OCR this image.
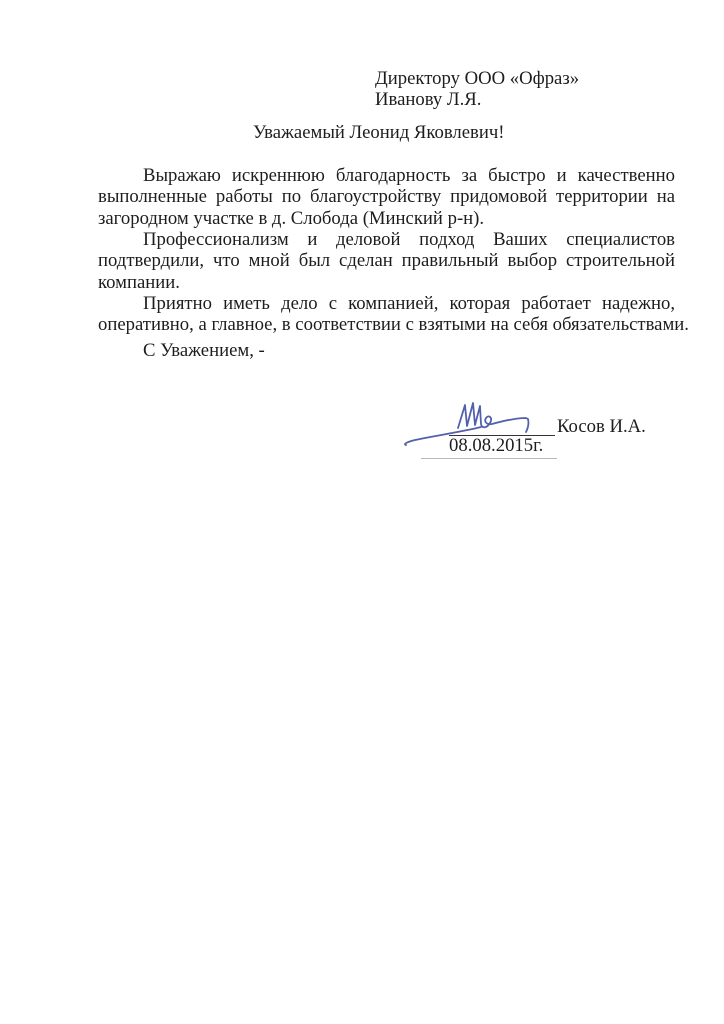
Директору ООО «Офраз»
Иванову Л.Я.
Уважаемый Леонид Яковлевич!
Выражаю искреннюю благодарность за быстро и качественно
выполненные работы по благоустройству придомовой территории на
загородном участке в д. Слобода (Минский р-н).
Профессионализм и деловой подход Ваших специалистов
подтвердили, что мной был сделан правильный выбор строительной
компании.
Приятно иметь дело с компанией, которая работает надежно,
оперативно, а главное, в соответствии с взятыми на себя обязательствами.
С Уважением, -
Косов И.А.
08.08.2015г.
